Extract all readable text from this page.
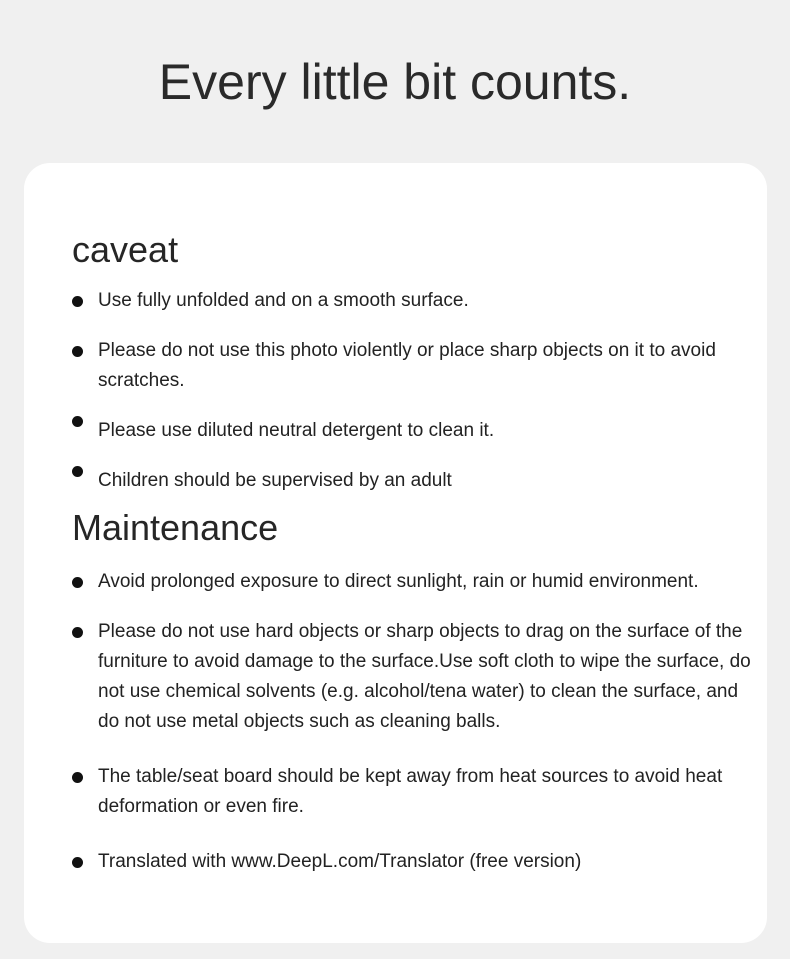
Every little bit counts.
caveat
Use fully unfolded and on a smooth surface.
Please do not use this photo violently or place sharp objects on it to avoid scratches.
Please use diluted neutral detergent to clean it.
Children should be supervised by an adult
Maintenance
Avoid prolonged exposure to direct sunlight, rain or humid environment.
Please do not use hard objects or sharp objects to drag on the surface of the furniture to avoid damage to the surface.Use soft cloth to wipe the surface, do not use chemical solvents (e.g. alcohol/tena water) to clean the surface, and do not use metal objects such as cleaning balls.
The table/seat board should be kept away from heat sources to avoid heat deformation or even fire.
Translated with www.DeepL.com/Translator (free version)
